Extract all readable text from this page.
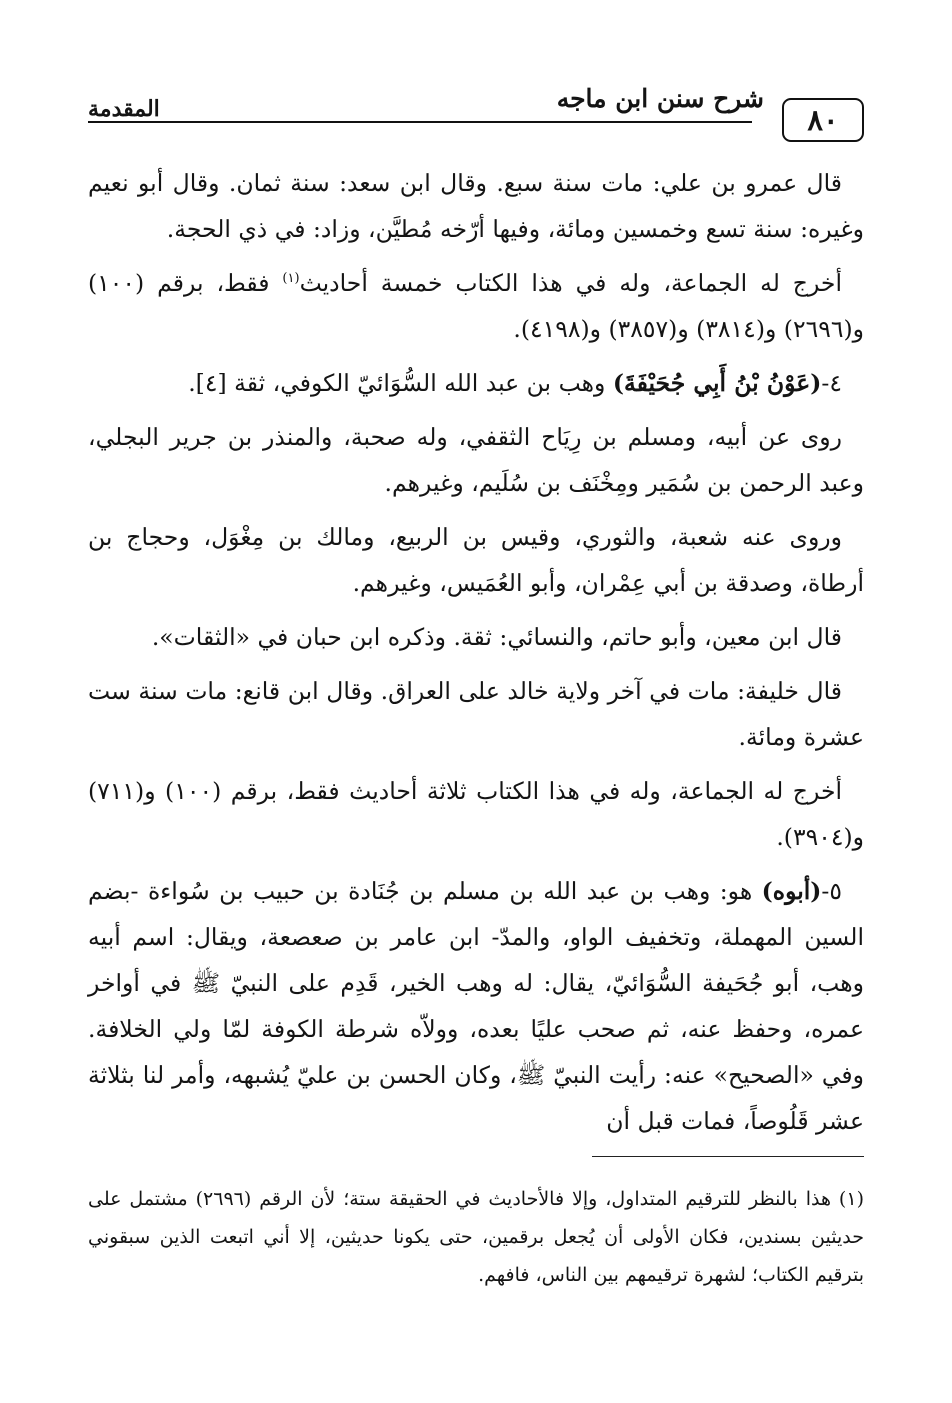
٨٠
شرح سنن ابن ماجه
المقدمة

قال عمرو بن علي: مات سنة سبع. وقال ابن سعد: سنة ثمان. وقال أبو نعيم وغيره: سنة تسع وخمسين ومائة، وفيها أرّخه مُطيَّن، وزاد: في ذي الحجة.

أخرج له الجماعة، وله في هذا الكتاب خمسة أحاديث$^{(١)}$ فقط، برقم (١٠٠) و(٢٦٩٦) و(٣٨١٤) و(٣٨٥٧) و(٤١٩٨).

٤-(عَوْنُ بْنُ أَبِي جُحَيْفَةَ) وهب بن عبد الله السُّوَائيّ الكوفي، ثقة [٤].

روى عن أبيه، ومسلم بن رِيَاح الثقفي، وله صحبة، والمنذر بن جرير البجلي، وعبد الرحمن بن سُمَير ومِخْنَف بن سُلَيم، وغيرهم.

وروى عنه شعبة، والثوري، وقيس بن الربيع، ومالك بن مِغْوَل، وحجاج بن أرطاة، وصدقة بن أبي عِمْران، وأبو العُمَيس، وغيرهم.

قال ابن معين، وأبو حاتم، والنسائي: ثقة. وذكره ابن حبان في «الثقات».

قال خليفة: مات في آخر ولاية خالد على العراق. وقال ابن قانع: مات سنة ست عشرة ومائة.

أخرج له الجماعة، وله في هذا الكتاب ثلاثة أحاديث فقط، برقم (١٠٠) و(٧١١) و(٣٩٠٤).

٥-(أبوه) هو: وهب بن عبد الله بن مسلم بن جُنَادة بن حبيب بن سُواءة -بضم السين المهملة، وتخفيف الواو، والمدّ- ابن عامر بن صعصعة، ويقال: اسم أبيه وهب، أبو جُحَيفة السُّوَائيّ، يقال: له وهب الخير، قَدِم على النبيّ ﷺ في أواخر عمره، وحفظ عنه، ثم صحب عليًا بعده، وولاّه شرطة الكوفة لمّا ولي الخلافة. وفي «الصحيح» عنه: رأيت النبيّ ﷺ، وكان الحسن بن عليّ يُشبهه، وأمر لنا بثلاثة عشر قَلُوصاً، فمات قبل أن

(١) هذا بالنظر للترقيم المتداول، وإلا فالأحاديث في الحقيقة ستة؛ لأن الرقم (٢٦٩٦) مشتمل على حديثين بسندين، فكان الأولى أن يُجعل برقمين، حتى يكونا حديثين، إلا أني اتبعت الذين سبقوني بترقيم الكتاب؛ لشهرة ترقيمهم بين الناس، فافهم.
